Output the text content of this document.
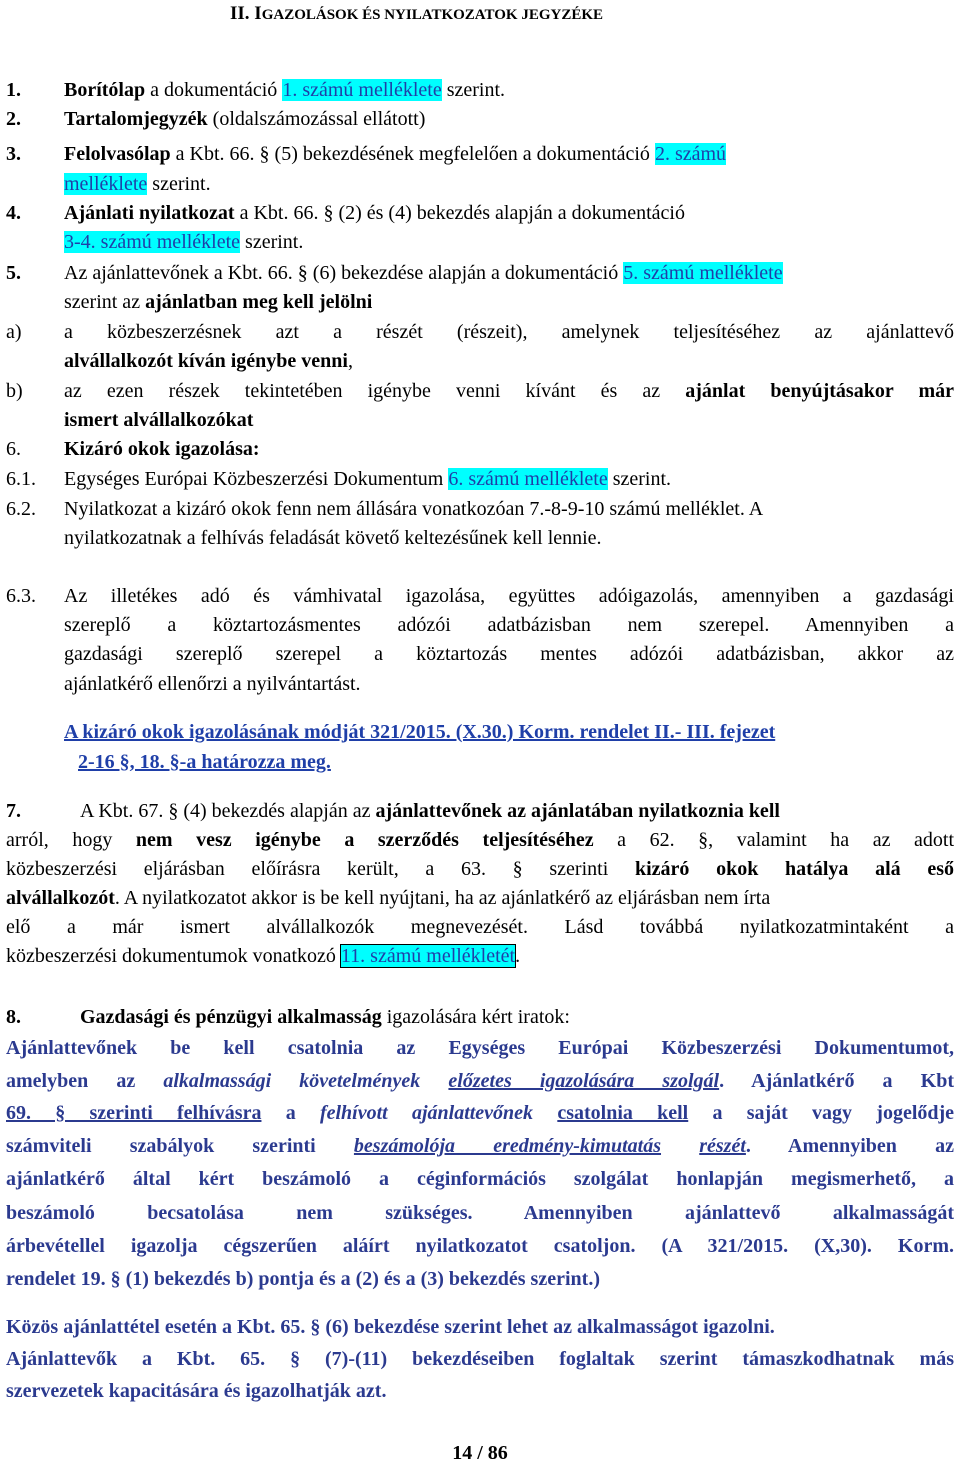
II. IGAZOLÁSOK ÉS NYILATKOZATOK JEGYZÉKE
1. Borítólap a dokumentáció 1. számú melléklete szerint.
2. Tartalomjegyzék (oldalszámozással ellátott)
3. Felolvasólap a Kbt. 66. § (5) bekezdésének megfelelően a dokumentáció 2. számú
melléklete szerint.
4. Ajánlati nyilatkozat a Kbt. 66. § (2) és (4) bekezdés alapján a dokumentáció
3-4. számú melléklete szerint.
5. Az ajánlattevőnek a Kbt. 66. § (6) bekezdése alapján a dokumentáció 5. számú melléklete
szerint az ajánlatban meg kell jelölni
a) a közbeszerzésnek azt a részét (részeit), amelynek teljesítéséhez az ajánlattevő
alvállalkozót kíván igénybe venni,
b) az ezen részek tekintetében igénybe venni kívánt és az ajánlat benyújtásakor már
ismert alvállalkozókat
6. Kizáró okok igazolása:
6.1. Egységes Európai Közbeszerzési Dokumentum 6. számú melléklete szerint.
6.2. Nyilatkozat a kizáró okok fenn nem állására vonatkozóan 7.-8-9-10 számú melléklet. A
nyilatkozatnak a felhívás feladását követő keltezésűnek kell lennie.
6.3. Az illetékes adó és vámhivatal igazolása, együttes adóigazolás, amennyiben a gazdasági
szereplő a köztartozásmentes adózói adatbázisban nem szerepel. Amennyiben a
gazdasági szereplő szerepel a köztartozás mentes adózói adatbázisban, akkor az
ajánlatkérő ellenőrzi a nyilvántartást.
A kizáró okok igazolásának módját 321/2015. (X.30.) Korm. rendelet II.- III. fejezet
2-16 §, 18. §-a határozza meg.
7.	A Kbt. 67. § (4) bekezdés alapján az ajánlattevőnek az ajánlatában nyilatkoznia kell
arról, hogy nem vesz igénybe a szerződés teljesítéséhez a 62. §, valamint ha az adott
közbeszerzési eljárásban előírásra került, a 63. § szerinti kizáró okok hatálya alá eső
alvállalkozót. A nyilatkozatot akkor is be kell nyújtani, ha az ajánlatkérő az eljárásban nem írta
elő a már ismert alvállalkozók megnevezését. Lásd továbbá nyilatkozatmintaként a
közbeszerzési dokumentumok vonatkozó 11. számú mellékletét.
8.	Gazdasági és pénzügyi alkalmasság igazolására kért iratok:
Ajánlattevőnek be kell csatolnia az Egységes Európai Közbeszerzési Dokumentumot,
amelyben az alkalmassági követelmények előzetes igazolására szolgál. Ajánlatkérő a Kbt
69. § szerinti felhívásra a felhívott ajánlattevőnek csatolnia kell a saját vagy jogelődje
számviteli szabályok szerinti beszámolója eredmény-kimutatás részét. Amennyiben az
ajánlatkérő által kért beszámoló a céginformációs szolgálat honlapján megismerhető, a
beszámoló becsatolása nem szükséges. Amennyiben ajánlattevő alkalmasságát
árbevétellel igazolja cégszerűen aláírt nyilatkozatot csatoljon. (A 321/2015. (X,30). Korm.
rendelet 19. § (1) bekezdés b) pontja és a (2) és a (3) bekezdés szerint.)
Közös ajánlattétel esetén a Kbt. 65. § (6) bekezdése szerint lehet az alkalmasságot igazolni.
Ajánlattevők a Kbt. 65. § (7)-(11) bekezdéseiben foglaltak szerint támaszkodhatnak más
szervezetek kapacitására és igazolhatják azt.
14 / 86
